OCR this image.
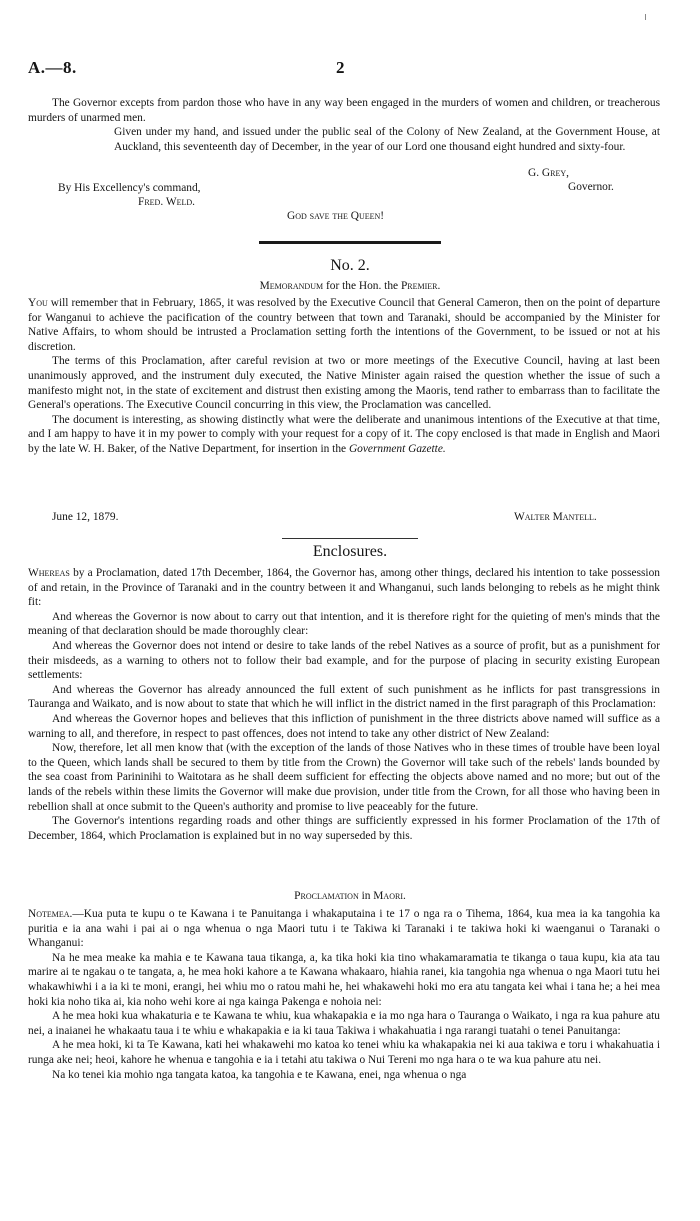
A.—8.	2

The Governor excepts from pardon those who have in any way been engaged in the murders of women and children, or treacherous murders of unarmed men.

Given under my hand, and issued under the public seal of the Colony of New Zealand, at the Government House, at Auckland, this seventeenth day of December, in the year of our Lord one thousand eight hundred and sixty-four.

G. Grey,
Governor.
By His Excellency's command,
Fred. Weld.
God save the Queen!
No. 2.
Memorandum for the Hon. the Premier.

You will remember that in February, 1865, it was resolved by the Executive Council that General Cameron, then on the point of departure for Wanganui to achieve the pacification of the country between that town and Taranaki, should be accompanied by the Minister for Native Affairs, to whom should be intrusted a Proclamation setting forth the intentions of the Government, to be issued or not at his discretion.

The terms of this Proclamation, after careful revision at two or more meetings of the Executive Council, having at last been unanimously approved, and the instrument duly executed, the Native Minister again raised the question whether the issue of such a manifesto might not, in the state of excitement and distrust then existing among the Maoris, tend rather to embarrass than to facilitate the General's operations. The Executive Council concurring in this view, the Proclamation was cancelled.

The document is interesting, as showing distinctly what were the deliberate and unanimous intentions of the Executive at that time, and I am happy to have it in my power to comply with your request for a copy of it. The copy enclosed is that made in English and Maori by the late W. H. Baker, of the Native Department, for insertion in the Government Gazette.

June 12, 1879.	Walter Mantell.
Enclosures.

Whereas by a Proclamation, dated 17th December, 1864, the Governor has, among other things, declared his intention to take possession of and retain, in the Province of Taranaki and in the country between it and Whanganui, such lands belonging to rebels as he might think fit:

And whereas the Governor is now about to carry out that intention, and it is therefore right for the quieting of men's minds that the meaning of that declaration should be made thoroughly clear:

And whereas the Governor does not intend or desire to take lands of the rebel Natives as a source of profit, but as a punishment for their misdeeds, as a warning to others not to follow their bad example, and for the purpose of placing in security existing European settlements:

And whereas the Governor has already announced the full extent of such punishment as he inflicts for past transgressions in Tauranga and Waikato, and is now about to state that which he will inflict in the district named in the first paragraph of this Proclamation:

And whereas the Governor hopes and believes that this infliction of punishment in the three districts above named will suffice as a warning to all, and therefore, in respect to past offences, does not intend to take any other district of New Zealand:

Now, therefore, let all men know that (with the exception of the lands of those Natives who in these times of trouble have been loyal to the Queen, which lands shall be secured to them by title from the Crown) the Governor will take such of the rebels' lands bounded by the sea coast from Parininihi to Waitotara as he shall deem sufficient for effecting the objects above named and no more; but out of the lands of the rebels within these limits the Governor will make due provision, under title from the Crown, for all those who having been in rebellion shall at once submit to the Queen's authority and promise to live peaceably for the future.

The Governor's intentions regarding roads and other things are sufficiently expressed in his former Proclamation of the 17th of December, 1864, which Proclamation is explained but in no way superseded by this.

Proclamation in Maori.

Notemea.—Kua puta te kupu o te Kawana i te Panuitanga i whakaputaina i te 17 o nga ra o Tihema, 1864, kua mea ia ka tangohia ka puritia e ia ana wahi i pai ai o nga whenua o nga Maori tutu i te Takiwa ki Taranaki i te takiwa hoki ki waenganui o Taranaki o Whanganui:

Na he mea meake ka mahia e te Kawana taua tikanga, a, ka tika hoki kia tino whakamaramatia te tikanga o taua kupu, kia ata tau marire ai te ngakau o te tangata, a, he mea hoki kahore a te Kawana whakaaro, hiahia ranei, kia tangohia nga whenua o nga Maori tutu hei whakawhiwhi i a ia ki te moni, erangi, hei whiu mo o ratou mahi he, hei whakawehi hoki mo era atu tangata kei whai i tana he; a hei mea hoki kia noho tika ai, kia noho wehi kore ai nga kainga Pakenga e nohoia nei:

A he mea hoki kua whakaturia e te Kawana te whiu, kua whakapakia e ia mo nga hara o Tauranga o Waikato, i nga ra kua pahure atu nei, a inaianei he whakaatu taua i te whiu e whakapakia e ia ki taua Takiwa i whakahuatia i nga rarangi tuatahi o tenei Panuitanga:

A he mea hoki, ki ta Te Kawana, kati hei whakawehi mo katoa ko tenei whiu ka whakapakia nei ki aua takiwa e toru i whakahuatia i runga ake nei; heoi, kahore he whenua e tangohia e ia i tetahi atu takiwa o Nui Tereni mo nga hara o te wa kua pahure atu nei.

Na ko tenei kia mohio nga tangata katoa, ka tangohia e te Kawana, enei, nga whenua o nga
